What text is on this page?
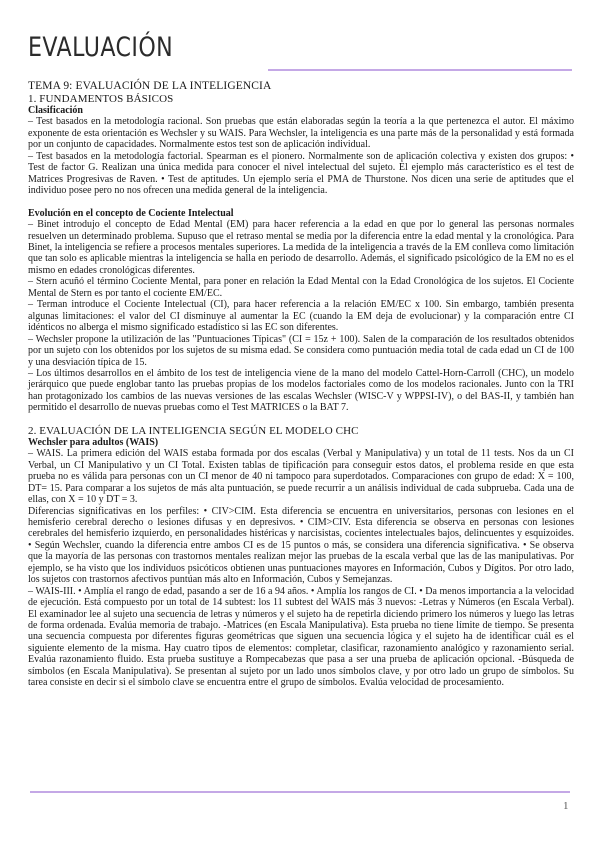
EVALUACIÓN

TEMA 9: EVALUACIÓN DE LA INTELIGENCIA

1. FUNDAMENTOS BÁSICOS

Clasificación

– Test basados en la metodología racional. Son pruebas que están elaboradas según la teoría a la que pertenezca el autor. El máximo exponente de esta orientación es Wechsler y su WAIS. Para Wechsler, la inteligencia es una parte más de la personalidad y está formada por un conjunto de capacidades. Normalmente estos test son de aplicación individual.

– Test basados en la metodología factorial. Spearman es el pionero. Normalmente son de aplicación colectiva y existen dos grupos: • Test de factor G. Realizan una única medida para conocer el nivel intelectual del sujeto. El ejemplo más característico es el test de Matrices Progresivas de Raven. • Test de aptitudes. Un ejemplo sería el PMA de Thurstone. Nos dicen una serie de aptitudes que el individuo posee pero no nos ofrecen una medida general de la inteligencia.

Evolución en el concepto de Cociente Intelectual

– Binet introdujo el concepto de Edad Mental (EM) para hacer referencia a la edad en que por lo general las personas normales resuelven un determinado problema. Supuso que el retraso mental se media por la diferencia entre la edad mental y la cronológica. Para Binet, la inteligencia se refiere a procesos mentales superiores. La medida de la inteligencia a través de la EM conlleva como limitación que tan solo es aplicable mientras la inteligencia se halla en periodo de desarrollo. Además, el significado psicológico de la EM no es el mismo en edades cronológicas diferentes.

– Stern acuñó el término Cociente Mental, para poner en relación la Edad Mental con la Edad Cronológica de los sujetos. El Cociente Mental de Stern es por tanto el cociente EM/EC.

– Terman introduce el Cociente Intelectual (CI), para hacer referencia a la relación EM/EC x 100. Sin embargo, también presenta algunas limitaciones: el valor del CI disminuye al aumentar la EC (cuando la EM deja de evolucionar) y la comparación entre CI idénticos no alberga el mismo significado estadístico si las EC son diferentes.

– Wechsler propone la utilización de las "Puntuaciones Típicas" (CI = 15z + 100). Salen de la comparación de los resultados obtenidos por un sujeto con los obtenidos por los sujetos de su misma edad. Se considera como puntuación media total de cada edad un CI de 100 y una desviación típica de 15.

– Los últimos desarrollos en el ámbito de los test de inteligencia viene de la mano del modelo Cattel-Horn-Carroll (CHC), un modelo jerárquico que puede englobar tanto las pruebas propias de los modelos factoriales como de los modelos racionales. Junto con la TRI han protagonizado los cambios de las nuevas versiones de las escalas Wechsler (WISC-V y WPPSI-IV), o del BAS-II, y también han permitido el desarrollo de nuevas pruebas como el Test MATRICES o la BAT 7.

2. EVALUACIÓN DE LA INTELIGENCIA SEGÚN EL MODELO CHC

Wechsler para adultos (WAIS)

– WAIS. La primera edición del WAIS estaba formada por dos escalas (Verbal y Manipulativa) y un total de 11 tests. Nos da un CI Verbal, un CI Manipulativo y un CI Total. Existen tablas de tipificación para conseguir estos datos, el problema reside en que esta prueba no es válida para personas con un CI menor de 40 ni tampoco para superdotados. Comparaciones con grupo de edad: X = 100, DT= 15. Para comparar a los sujetos de más alta puntuación, se puede recurrir a un análisis individual de cada subprueba. Cada una de ellas, con X = 10 y DT = 3.

Diferencias significativas en los perfiles: • CIV>CIM. Esta diferencia se encuentra en universitarios, personas con lesiones en el hemisferio cerebral derecho o lesiones difusas y en depresivos. • CIM>CIV. Esta diferencia se observa en personas con lesiones cerebrales del hemisferio izquierdo, en personalidades histéricas y narcisistas, cocientes intelectuales bajos, delincuentes y esquizoides. • Según Wechsler, cuando la diferencia entre ambos CI es de 15 puntos o más, se considera una diferencia significativa. • Se observa que la mayoría de las personas con trastornos mentales realizan mejor las pruebas de la escala verbal que las de las manipulativas. Por ejemplo, se ha visto que los individuos psicóticos obtienen unas puntuaciones mayores en Información, Cubos y Dígitos. Por otro lado, los sujetos con trastornos afectivos puntúan más alto en Información, Cubos y Semejanzas.

– WAIS-III. • Amplía el rango de edad, pasando a ser de 16 a 94 años. • Amplía los rangos de CI. • Da menos importancia a la velocidad de ejecución. Está compuesto por un total de 14 subtest: los 11 subtest del WAIS más 3 nuevos: -Letras y Números (en Escala Verbal). El examinador lee al sujeto una secuencia de letras y números y el sujeto ha de repetirla diciendo primero los números y luego las letras de forma ordenada. Evalúa memoria de trabajo. -Matrices (en Escala Manipulativa). Esta prueba no tiene límite de tiempo. Se presenta una secuencia compuesta por diferentes figuras geométricas que siguen una secuencia lógica y el sujeto ha de identificar cuál es el siguiente elemento de la misma. Hay cuatro tipos de elementos: completar, clasificar, razonamiento analógico y razonamiento serial. Evalúa razonamiento fluido. Esta prueba sustituye a Rompecabezas que pasa a ser una prueba de aplicación opcional. -Búsqueda de símbolos (en Escala Manipulativa). Se presentan al sujeto por un lado unos símbolos clave, y por otro lado un grupo de símbolos. Su tarea consiste en decir si el símbolo clave se encuentra entre el grupo de símbolos. Evalúa velocidad de procesamiento.

1
